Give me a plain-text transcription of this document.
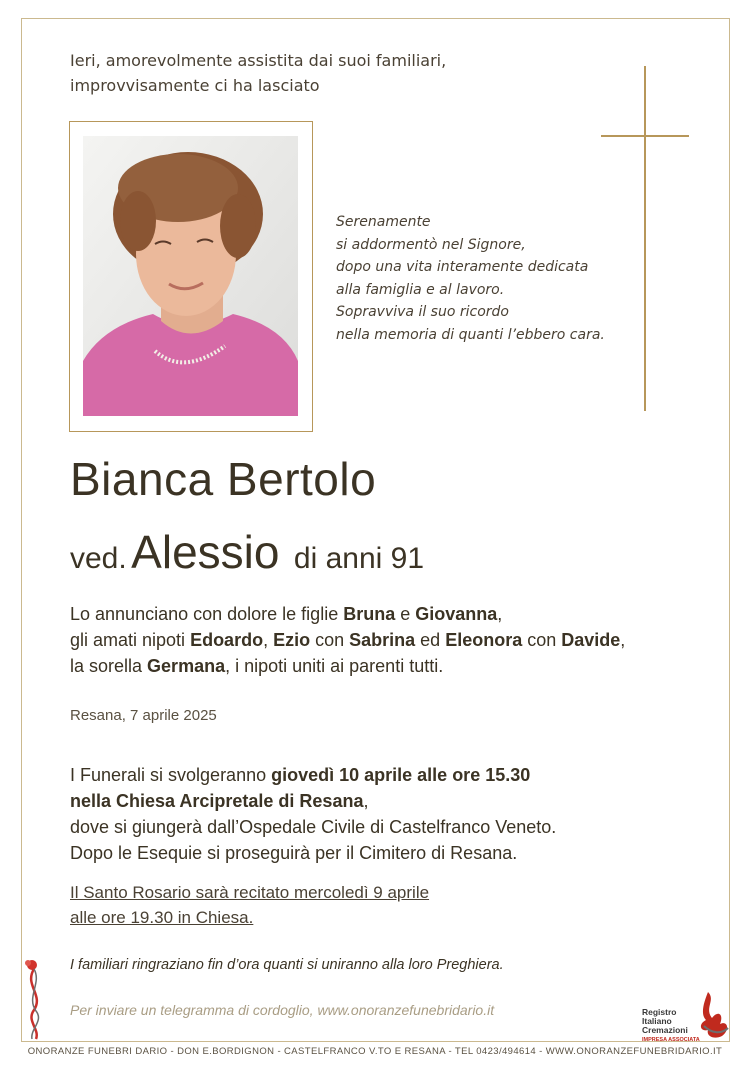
Ieri, amorevolmente assistita dai suoi familiari,
improvvisamente ci ha lasciato
Serenamente
si addormentò nel Signore,
dopo una vita interamente dedicata
alla famiglia e al lavoro.
Sopravviva il suo ricordo
nella memoria di quanti l’ebbero cara.
Bianca Bertolo
ved. Alessio di anni 91
Lo annunciano con dolore le figlie Bruna e Giovanna,
gli amati nipoti Edoardo, Ezio con Sabrina ed Eleonora con Davide,
la sorella Germana, i nipoti uniti ai parenti tutti.
Resana, 7 aprile 2025
I Funerali si svolgeranno giovedì 10 aprile alle ore 15.30
nella Chiesa Arcipretale di Resana,
dove si giungerà dall’Ospedale Civile di Castelfranco Veneto.
Dopo le Esequie si proseguirà per il Cimitero di Resana.
Il Santo Rosario sarà recitato mercoledì 9 aprile
alle ore 19.30 in Chiesa.
I familiari ringraziano fin d’ora quanti si uniranno alla loro Preghiera.
Per inviare un telegramma di cordoglio, www.onoranzefunebridario.it	Registro
Italiano
Cremazioni
IMPRESA ASSOCIATA
ONORANZE FUNEBRI DARIO - DON E.BORDIGNON - CASTELFRANCO V.TO E RESANA - TEL 0423/494614 - WWW.ONORANZEFUNEBRIDARIO.IT
